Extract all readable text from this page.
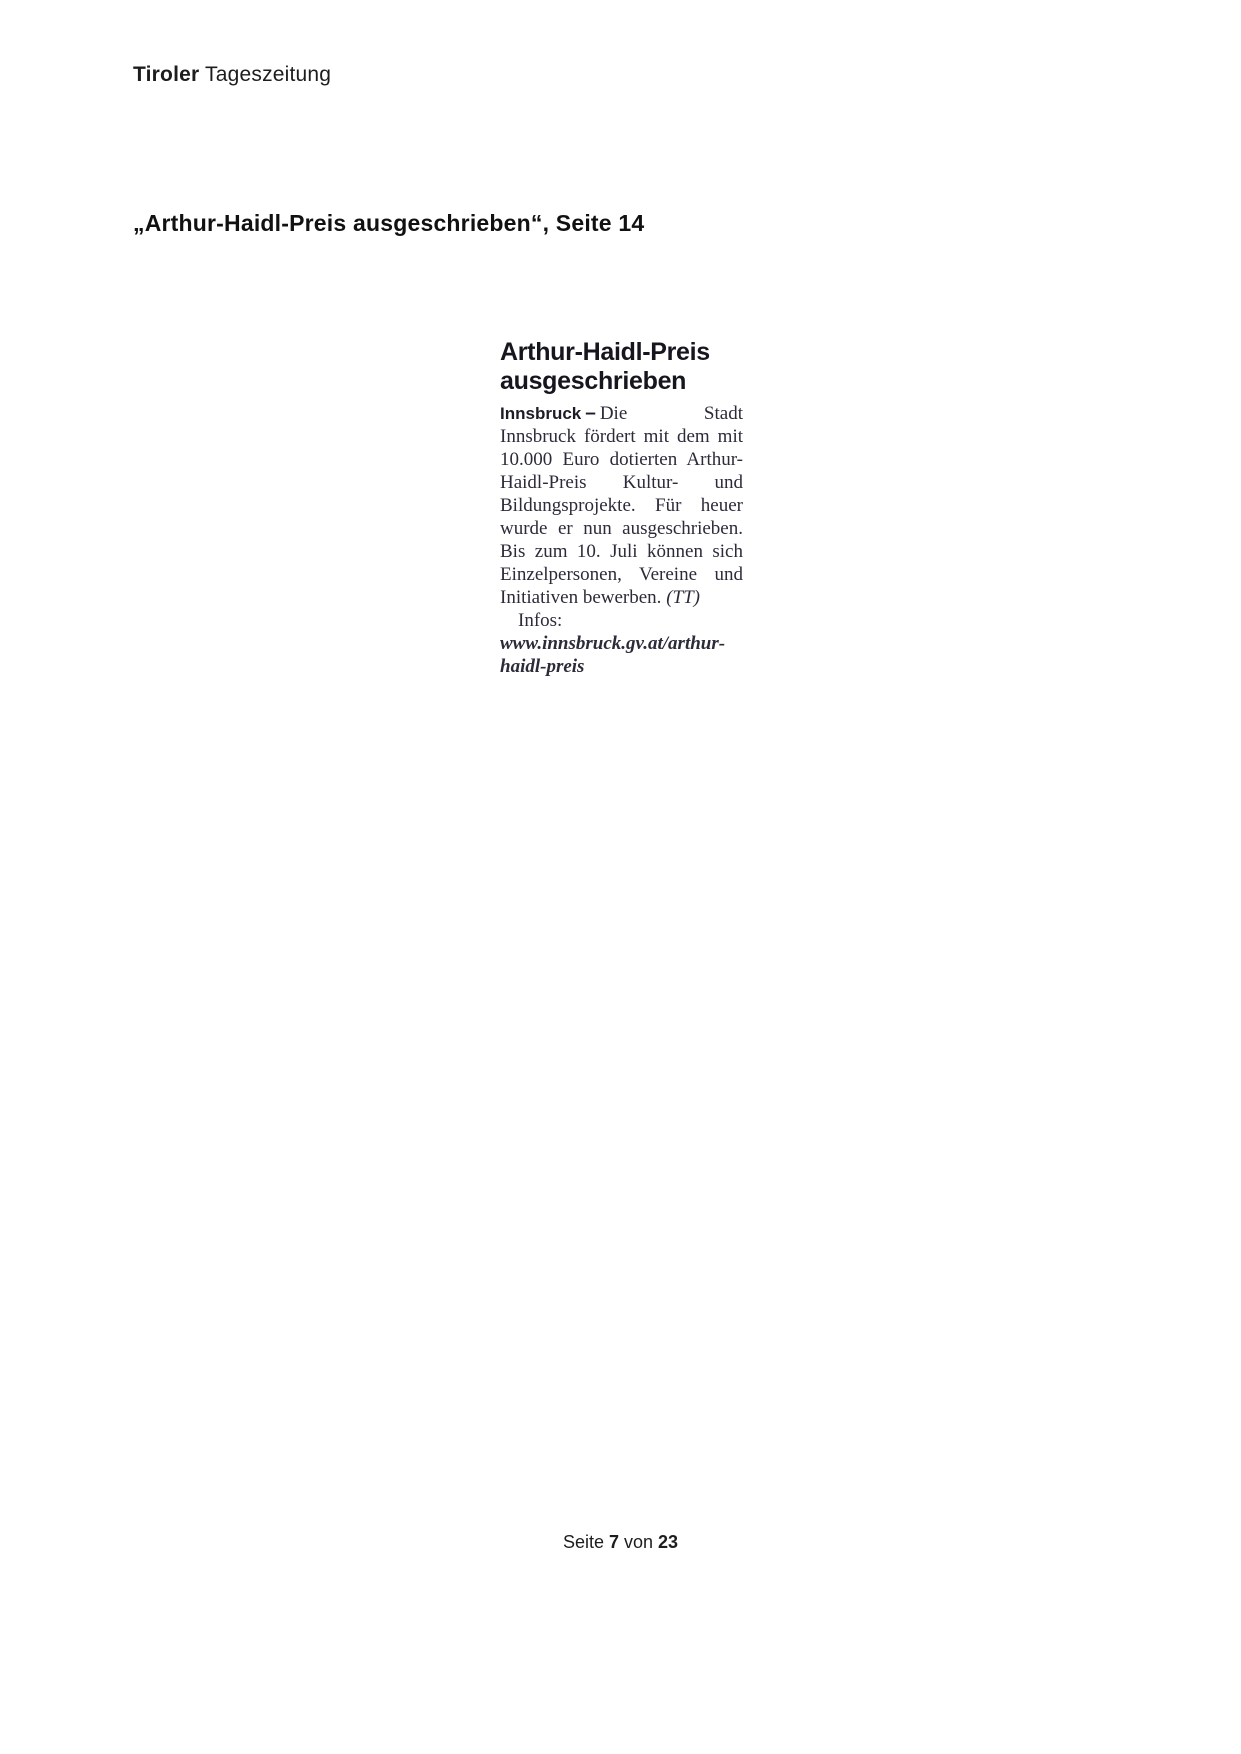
Tiroler Tageszeitung
„Arthur-Haidl-Preis ausgeschrieben“, Seite 14
Arthur-Haidl-Preis
ausgeschrieben
Innsbruck – Die Stadt Innsbruck fördert mit dem mit 10.000 Euro dotierten Arthur-Haidl-Preis Kultur- und Bildungsprojekte. Für heuer wurde er nun ausgeschrieben. Bis zum 10. Juli können sich Einzelpersonen, Vereine und Initiativen bewerben. (TT)
Infos: www.innsbruck.gv.at/arthur-haidl-preis
Seite 7 von 23
